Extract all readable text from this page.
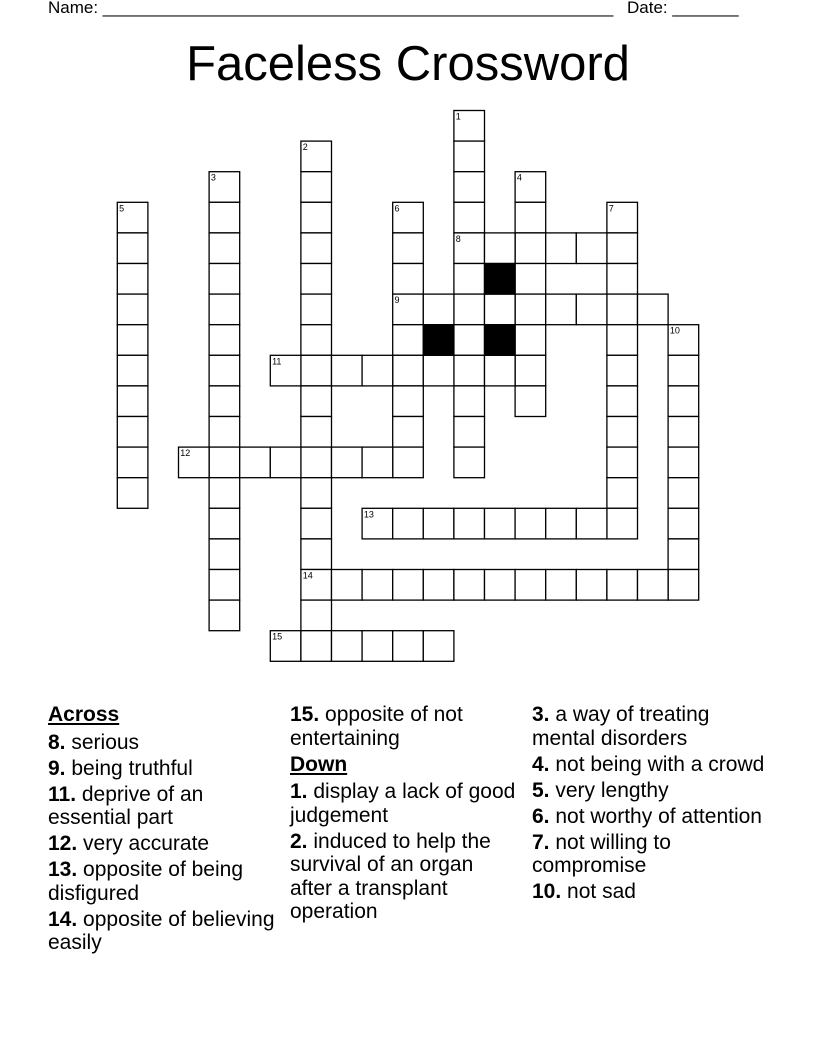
Name: ______________________________________________________ Date: _______
Faceless Crossword
1
2
3	4
5	6	7
8
9
10
11
12
13
14
15
Across
8. serious
9. being truthful
11. deprive of an essential part
12. very accurate
13. opposite of being disfigured
14. opposite of believing easily
15. opposite of not entertaining
Down
1. display a lack of good judgement
2. induced to help the survival of an organ after a transplant operation
3. a way of treating mental disorders
4. not being with a crowd
5. very lengthy
6. not worthy of attention
7. not willing to compromise
10. not sad
